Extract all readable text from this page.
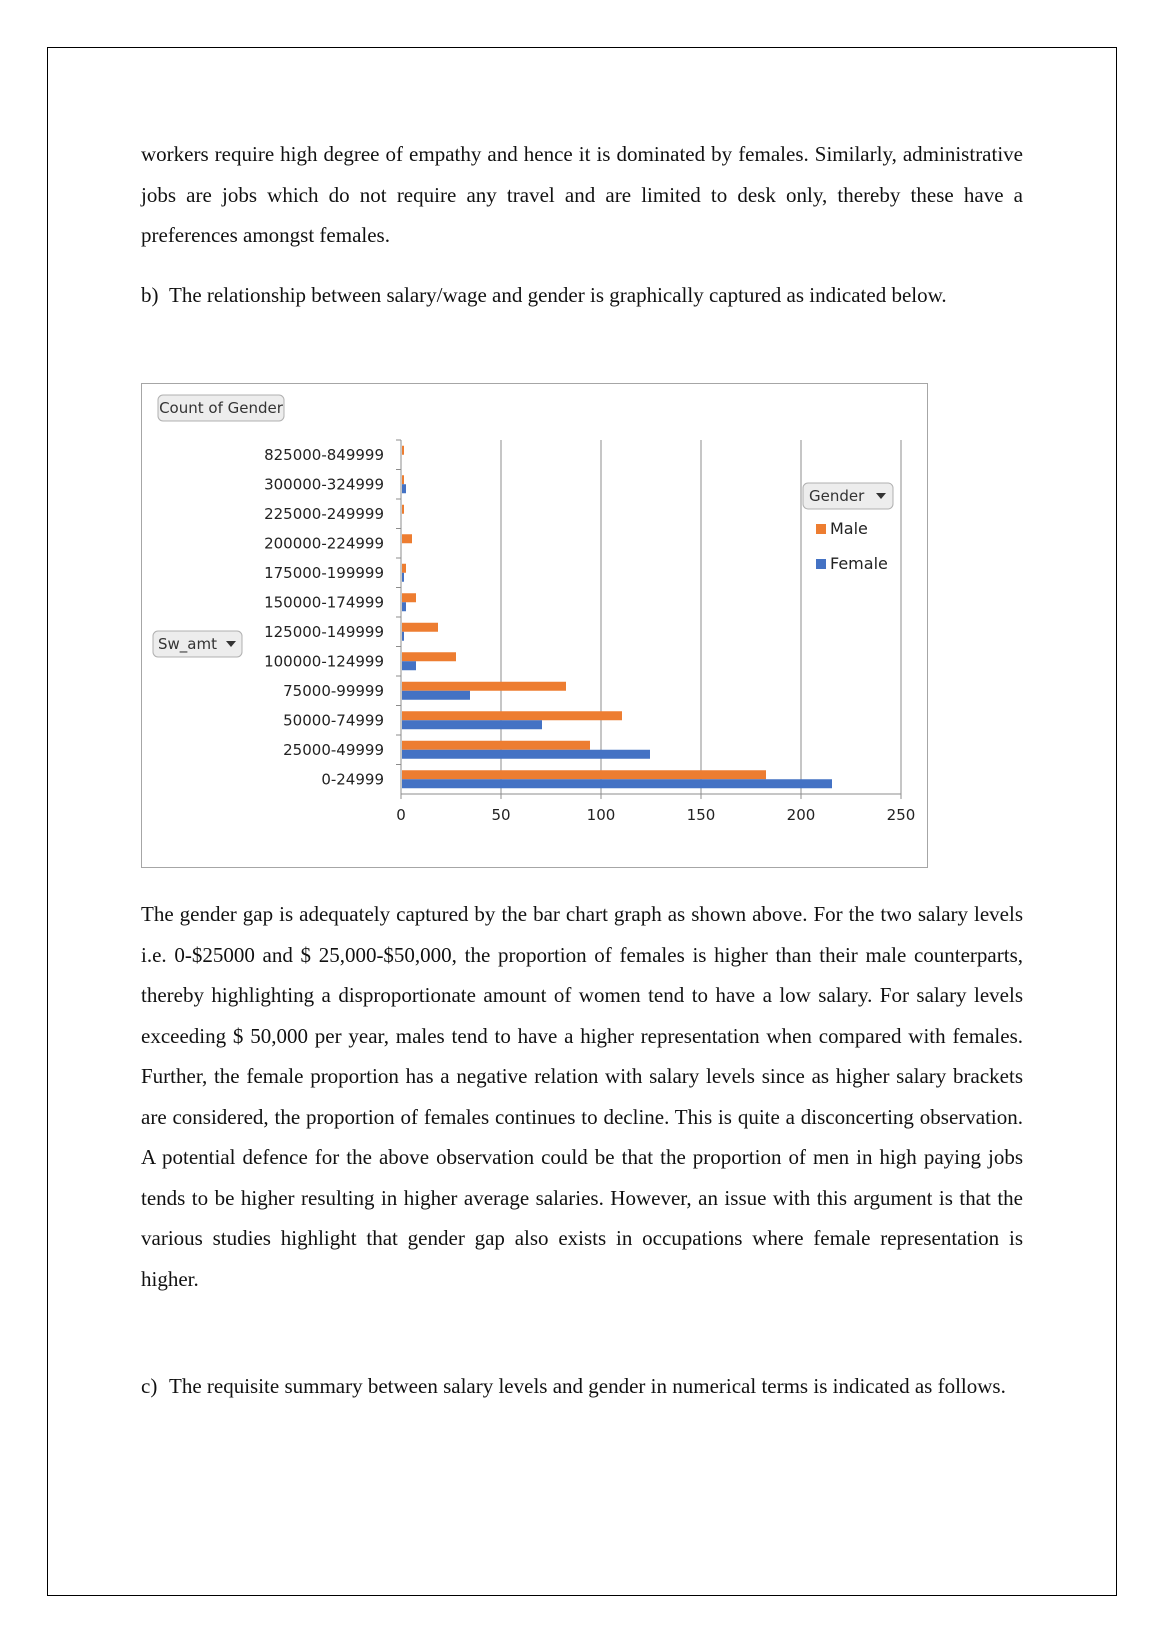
workers require high degree of empathy and hence it is dominated by females. Similarly, administrative jobs are jobs which do not require any travel and are limited to desk only, thereby these have a preferences amongst females.

b) The relationship between salary/wage and gender is graphically captured as indicated below.
Count of Gender
Sw_amt
Gender
Male
Female
0	50	100	150	200	250
825000-849999
300000-324999
225000-249999
200000-224999
175000-199999
150000-174999
125000-149999
100000-124999
75000-99999
50000-74999
25000-49999
0-24999

The gender gap is adequately captured by the bar chart graph as shown above. For the two salary levels i.e. 0-$25000 and $ 25,000-$50,000, the proportion of females is higher than their male counterparts, thereby highlighting a disproportionate amount of women tend to have a low salary. For salary levels exceeding $ 50,000 per year, males tend to have a higher representation when compared with females. Further, the female proportion has a negative relation with salary levels since as higher salary brackets are considered, the proportion of females continues to decline. This is quite a disconcerting observation. A potential defence for the above observation could be that the proportion of men in high paying jobs tends to be higher resulting in higher average salaries. However, an issue with this argument is that the various studies highlight that gender gap also exists in occupations where female representation is higher.

c) The requisite summary between salary levels and gender in numerical terms is indicated as follows.
